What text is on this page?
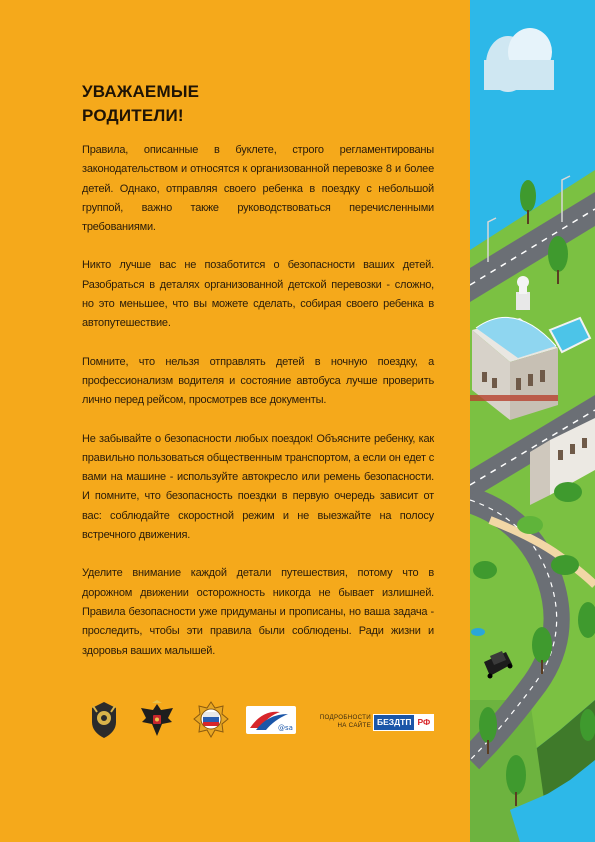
УВАЖАЕМЫЕ
РОДИТЕЛИ!

Правила, описанные в буклете, строго регламентированы законодательством и относятся к организованной перевозке 8 и более детей. Однако, отправляя своего ребенка в поездку с небольшой группой, важно также руководствоваться перечисленными требованиями.

Никто лучше вас не позаботится о безопасности ваших детей. Разобраться в деталях организованной детской перевозки - сложно, но это меньшее, что вы можете сделать, собирая своего ребенка в автопутешествие.

Помните, что нельзя отправлять детей в ночную поездку, а профессионализм водителя и состояние автобуса лучше проверить лично перед рейсом, просмотрев все документы.

Не забывайте о безопасности любых поездок! Объясните ребенку, как правильно пользоваться общественным транспортом, а если он едет с вами на машине - используйте автокресло или ремень безопасности. И помните, что безопасность поездки в первую очередь зависит от вас: соблюдайте скоростной режим и не выезжайте на полосу встречного движения.

Уделите внимание каждой детали путешествия, потому что в дорожном движении осторожность никогда не бывает излишней. Правила безопасности уже придуманы и прописаны, но ваша задача - проследить, чтобы эти правила были соблюдены. Ради жизни и здоровья ваших малышей.

@sa
ПОДРОБНОСТИ НА САЙТЕ БЕЗДТП РФ
